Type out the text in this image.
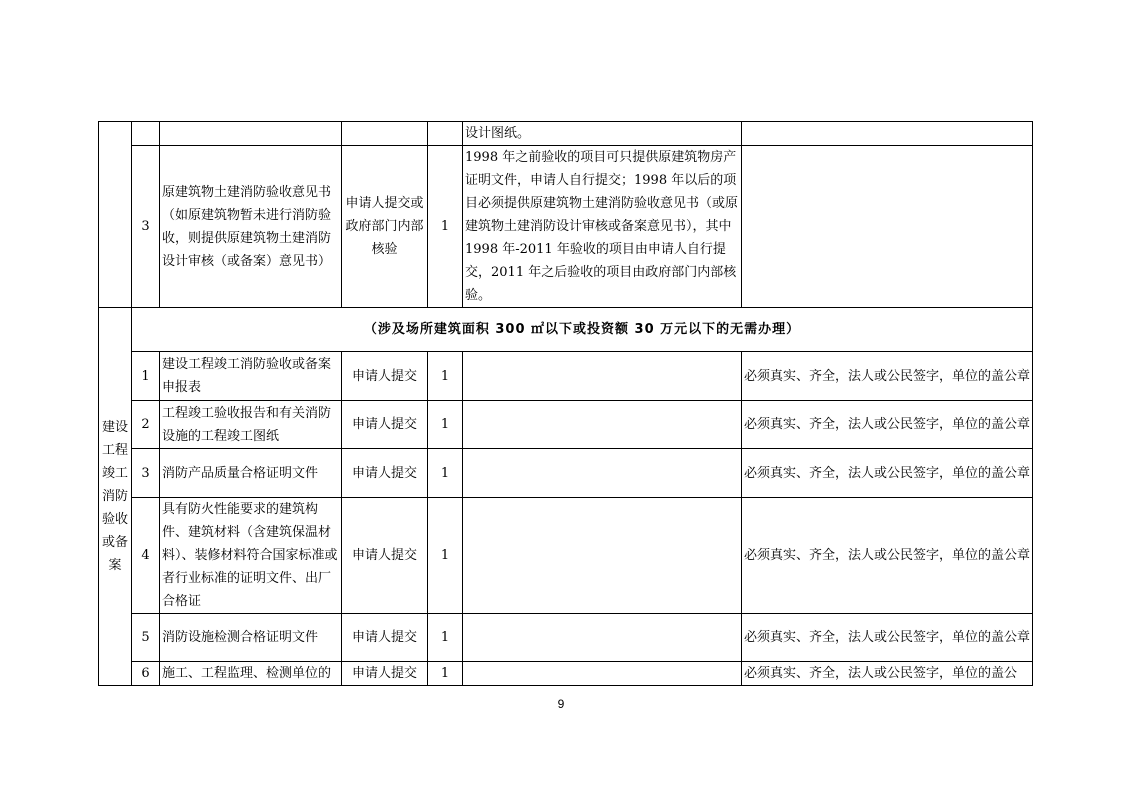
					设计图纸。	
	3	原建筑物土建消防验收意见书（如原建筑物暂未进行消防验收，则提供原建筑物土建消防设计审核（或备案）意见书）	申请人提交或政府部门内部核验	1	1998 年之前验收的项目可只提供原建筑物房产证明文件，申请人自行提交；1998 年以后的项目必须提供原建筑物土建消防验收意见书（或原建筑物土建消防设计审核或备案意见书），其中 1998 年-2011 年验收的项目由申请人自行提交，2011 年之后验收的项目由政府部门内部核验。	
建设工程竣工消防验收或备案	（涉及场所建筑面积 300 ㎡以下或投资额 30 万元以下的无需办理）					
	1	建设工程竣工消防验收或备案申报表	申请人提交	1		必须真实、齐全，法人或公民签字，单位的盖公章
	2	工程竣工验收报告和有关消防设施的工程竣工图纸	申请人提交	1		必须真实、齐全，法人或公民签字，单位的盖公章
	3	消防产品质量合格证明文件	申请人提交	1		必须真实、齐全，法人或公民签字，单位的盖公章
	4	具有防火性能要求的建筑构件、建筑材料（含建筑保温材料）、装修材料符合国家标准或者行业标准的证明文件、出厂合格证	申请人提交	1		必须真实、齐全，法人或公民签字，单位的盖公章
	5	消防设施检测合格证明文件	申请人提交	1		必须真实、齐全，法人或公民签字，单位的盖公章
	6	施工、工程监理、检测单位的	申请人提交	1		必须真实、齐全，法人或公民签字，单位的盖公
9
